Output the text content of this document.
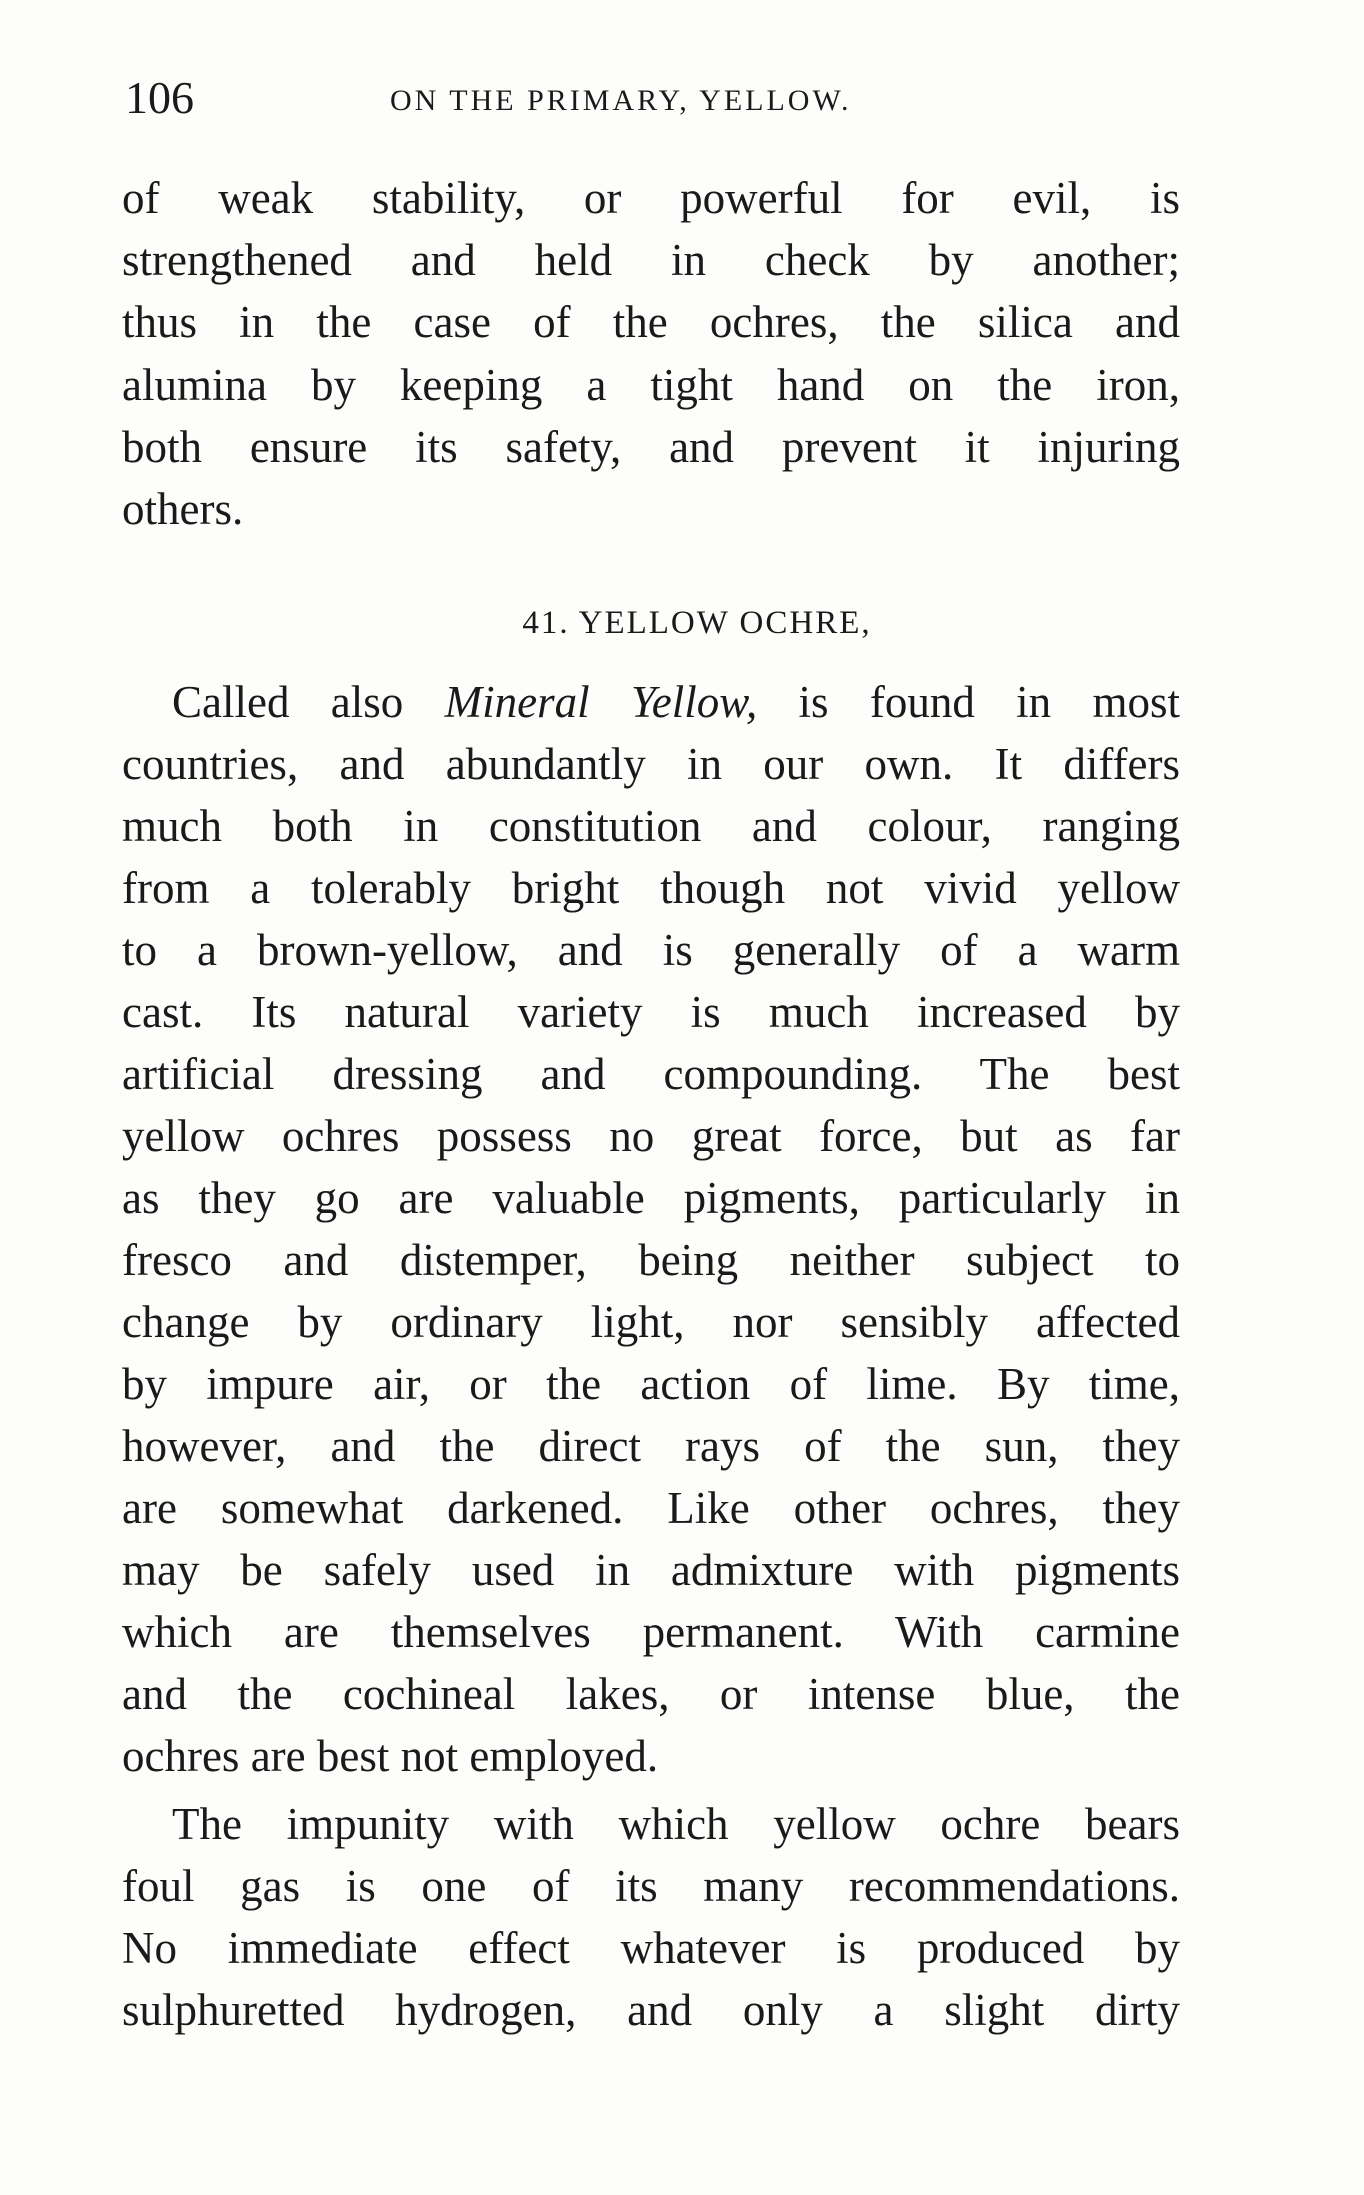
106	ON THE PRIMARY, YELLOW.
of weak stability, or powerful for evil, is
strengthened and held in check by another;
thus in the case of the ochres, the silica and
alumina by keeping a tight hand on the iron,
both ensure its safety, and prevent it injuring
others.
41. YELLOW OCHRE,
Called also Mineral Yellow, is found in most
countries, and abundantly in our own. It differs
much both in constitution and colour, ranging
from a tolerably bright though not vivid yellow
to a brown-yellow, and is generally of a warm
cast. Its natural variety is much increased by
artificial dressing and compounding. The best
yellow ochres possess no great force, but as far
as they go are valuable pigments, particularly in
fresco and distemper, being neither subject to
change by ordinary light, nor sensibly affected
by impure air, or the action of lime. By time,
however, and the direct rays of the sun, they
are somewhat darkened. Like other ochres, they
may be safely used in admixture with pigments
which are themselves permanent. With carmine
and the cochineal lakes, or intense blue, the
ochres are best not employed.
The impunity with which yellow ochre bears
foul gas is one of its many recommendations.
No immediate effect whatever is produced by
sulphuretted hydrogen, and only a slight dirty
